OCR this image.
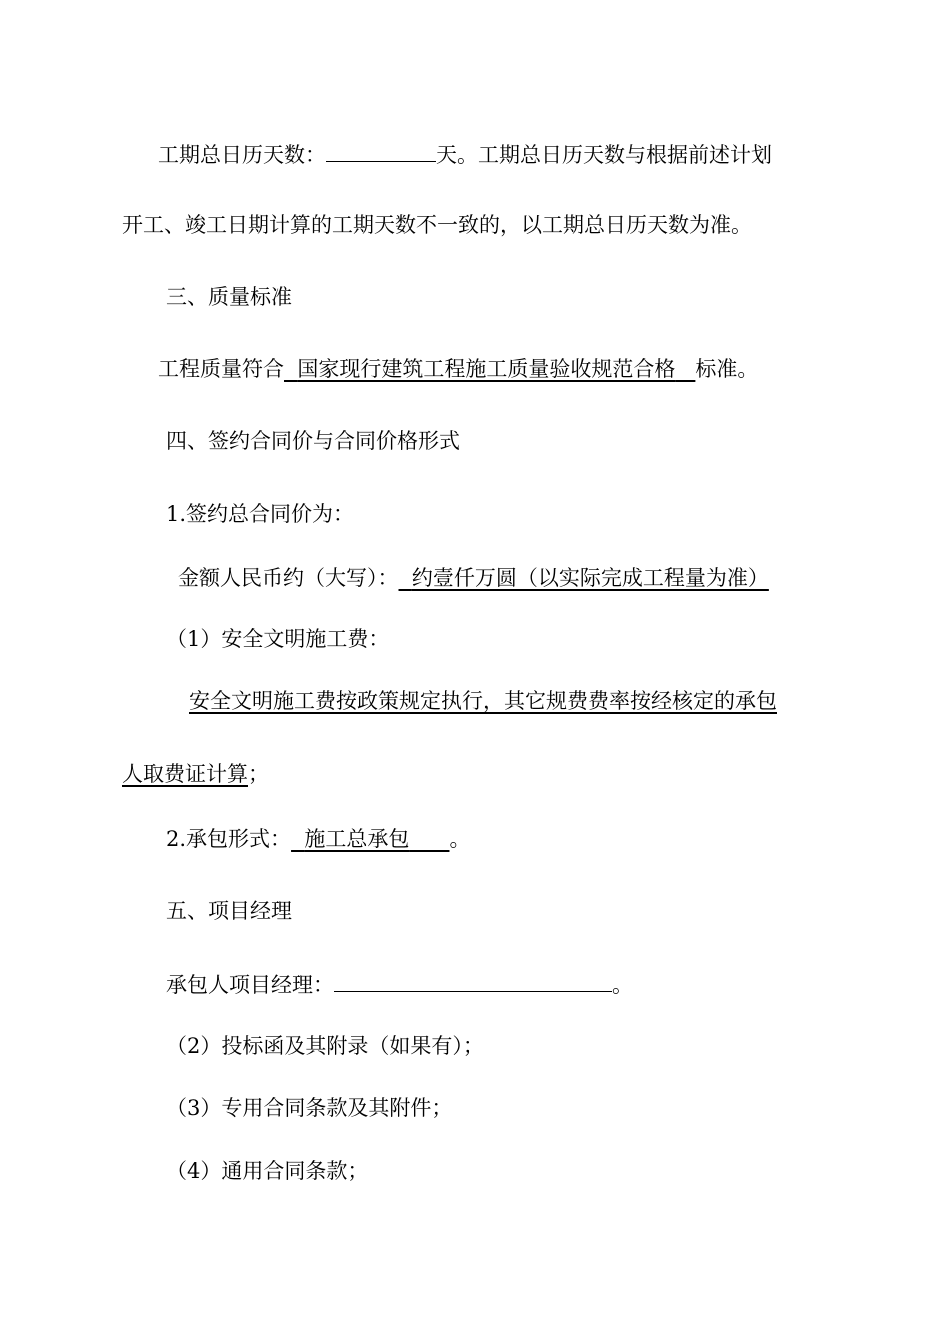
工期总日历天数：	天。工期总日历天数与根据前述计划
开工、竣工日期计算的工期天数不一致的，以工期总日历天数为准。
三、质量标准
工程质量符合 国家现行建筑工程施工质量验收规范合格 标准。
四、签约合同价与合同价格形式
1.签约总合同价为：
金额人民币约（大写）： 约壹仟万圆（以实际完成工程量为准）
（1）安全文明施工费：
安全文明施工费按政策规定执行，其它规费费率按经核定的承包
人取费证计算；
2.承包形式： 施工总承包 。
五、项目经理
承包人项目经理：	。
（2）投标函及其附录（如果有）；
（3）专用合同条款及其附件；
（4）通用合同条款；
